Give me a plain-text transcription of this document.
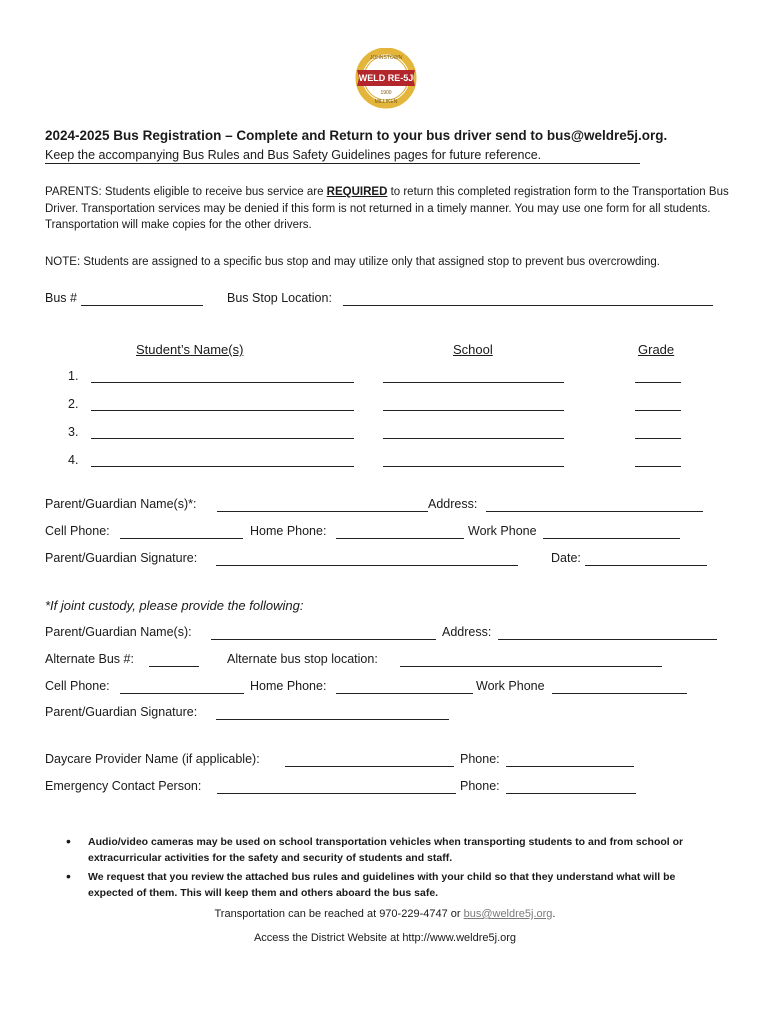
JOHNSTOWN
WELD RE-5J
1900
MILLIKEN
2024-2025 Bus Registration – Complete and Return to your bus driver send to bus@weldre5j.org.
Keep the accompanying Bus Rules and Bus Safety Guidelines pages for future reference.
PARENTS: Students eligible to receive bus service are REQUIRED to return this completed registration form to the Transportation Bus Driver. Transportation services may be denied if this form is not returned in a timely manner. You may use one form for all students. Transportation will make copies for the other drivers.
NOTE: Students are assigned to a specific bus stop and may utilize only that assigned stop to prevent bus overcrowding.
Bus #	Bus Stop Location:
Student’s Name(s)	School	Grade
1.
2.
3.
4.
Parent/Guardian Name(s)*:	Address:
Cell Phone:	Home Phone:	Work Phone
Parent/Guardian Signature:	Date:
*If joint custody, please provide the following:
Parent/Guardian Name(s):	Address:
Alternate Bus #:	Alternate bus stop location:
Cell Phone:	Home Phone:	Work Phone
Parent/Guardian Signature:
Daycare Provider Name (if applicable):	Phone:
Emergency Contact Person:	Phone:
• Audio/video cameras may be used on school transportation vehicles when transporting students to and from school or extracurricular activities for the safety and security of students and staff.
• We request that you review the attached bus rules and guidelines with your child so that they understand what will be expected of them. This will keep them and others aboard the bus safe.
Transportation can be reached at 970-229-4747 or bus@weldre5j.org.
Access the District Website at http://www.weldre5j.org
